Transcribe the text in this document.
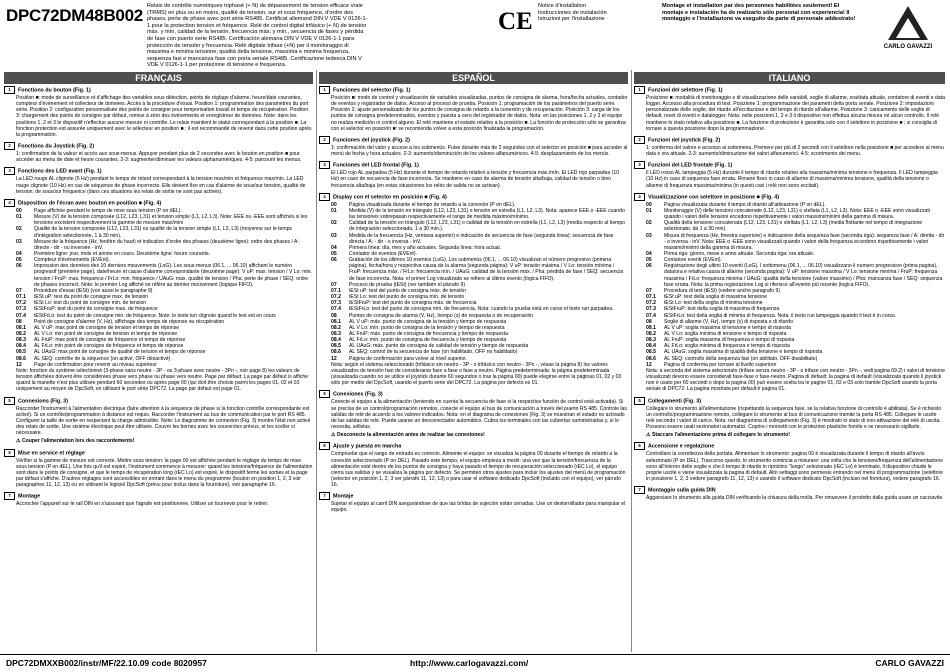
DPC72DM48B002 Relais de contrôle numériques triphasé (+ N) de dépassement de tension efficace vraie (TRMS) en plus ou en moins, qualité de tension, sur et sous fréquence, d'ordre des phases, perte de phase avec port série RS485. Certificat allemand DIN V VDE V 0126-1-1 pour la protection tension et fréquence. Relé de control digital trifásico (+ N) de tensión máx. y mín, calidad de la tensión, frecuencia máx. y mín., secuencia de fases y pérdida de fase con puerto serie RS485. Certificación alemana DIN V VDE V 0126-1-1 para protección de tensión y frecuencia. Relè digitale trifase (+N) per il monitoraggio di massima e minima tensione, qualità della tensione, massima e minima frequenza, sequenza fasi e mancanza fase con porta seriale RS485. Certificazione tedesca DIN V VDE V 0126-1-1 per protezione di tensione e frequenza.
CE
Notice d'installation
Instrucciones de instalación
Istruzioni per l'installazione
Montage et installation par des personnes habilitées seulement! El montaje e instalación ha de realizarlo sólo personal con experiencia! Il montaggio e l'installazione va eseguito da parte di personale addestrato!
CARLO GAVAZZI
FRANÇAIS	ESPAÑOL	ITALIANO
1 Fonctions du bouton (Fig. 1)
Position ■: mode de surveillance et d'affichage des variables sous détection, points de réglage d'alarme, heure/date courantes, compteur d'événement et collecteur de données. Accès à la procédure d'essai. Position 1: programmation des paramètres du port série. Position 2: configuration personnalisée des points de consigne pour temporisation travail et temps de récupération. Position 3: chargement des points de consigne par défaut, remise à zéro des événements et enregistreur de données. Note: dans les positions 1, 2 et 3 le dispositif n'effectue aucune mesure ni contrôle. Le relais maintient le statut correspondant à la position ■. La fonction protection est assurée uniquement avec le sélecteur en position ■ ; il est recommandé de revenir dans cette position après la programmation.
2 Fonctions du Joystick (Fig. 2)
1: confirmation de la valeur et accès aux sous-menus. Appuyer pendant plus de 2 secondes avec le bouton en position ■ pour accéder au menu de date et heure courantes. 2-3: augmenter/diminuer les valeurs alphanumériques. 4-5: parcourir les menus.
3 Fonctions des LED avant (Fig. 1)
La LED rouge AL clignote (5 Hz) pendant le temps de retard correspondant à la tension max/min et fréquence max/min. La LED rouge clignote (10 Hz) en cas de séquence de phase incorrecte. Elle devient fixe en cas d'alarme de sous/sur tension, qualité de tension, de sous/sur fréquence (dans ces situations les relais de sortie ne sont pas activés).
4 Disposition de l'écran avec bouton en position ■ (Fig. 4)
00	Page affichée pendant le temps de mise sous tension (P on dEL).
01	Mesure (V) de la tension composée (L12, L23, L31) et tension simple (L1, L2, L3). Note: EEE ou -EEE sont affichés si les tensions excèdent respectivement la gamme de mesure maxi/mini
02	Qualité de la tension composée (L12, L23, L31) ou qualité de la tension simple (L1, L2, L3) (moyenne sur le temps d'intégration sélectionnée, 1 à 30 min).
03	Mesure de la fréquence (Hz, fenêtre du haut) et indication d'ordre des phases (deuxième ligne): ordre des phases / A: directe - dir - ou inversée - inV.
04	Première ligne: jour, mois et année en cours. Deuxième ligne: heure courante.
05	Compteur d'événements (EVEnt).
06	Impression des données des 10 derniers mouvements (LoG). Les sous-menus (06.1, ... 06.10) affichent le numéro progressif (première page), date/heure et cause d'alarme correspondante (deuxième page): V uP: max. tension / V Lo: min. tension / FruP: max. fréquence / FrLo: min. fréquence / UAuG: max. qualité de tension / Pha: perte de phase / SEQ: ordre de phases incorrect. Note: le premier Log affiché se réfère au dernier mouvement (logique FIFO).
07	Procédure d'essai (tESt) (voir aussi le paragraphe 9)
07.1	tESt uP: test du point de consigne max. de tension
07.2	tESt Lo: test du point de consigne min. de tension
07.3	tEStFruP: test du point de consigne max. de fréquence
07.4	tEStFrLo: test du point de consigne min. de fréquence. Note: le texte tun clignote quand le test est en cours
08	Point de consigne d'alarme (V, Hz), affichage des temps de réponse ou récupération
08.1	AL V uP: max point de consigne de tension et temps de réponse
08.2	AL V Lo: min point de consigne de tension et temps de réponse
08.3	AL FruP: max point de consigne de fréquence et temps de réponse
08.4	AL FrLo: min point de consigne de fréquence et temps de réponse
08.5	AL UAuG: max point de consigne de qualité de tension et temps de réponse
08.6	AL SEQ: contrôle de la séquence (on activé, OFF désactivé)
12	Page de confirmation pour revenir au niveau supérieur
Note: fonction du système sélectionné (3-phase sans neutre - 3P - ou 3-phase avec neutre - 3Pn -, voir page 8) les valeurs de tension affichées doivent être considérées phase vers phase ou phase vers neutre. Page par défaut: La page par défaut is affiche quand la manette n'est plus utilisée pendant 60 secondes ou après page 00 (qui doit être choisie parmi les pages 01, 02 et 03 uniquement au moyen de DpcSoft, en utilisant le port série DPC72. La page par défaut est page 01.
5 Connexions (Fig. 3)
Raccorder l'instrument à l'alimentation électrique (faire attention à la séquence de phase si la fonction contrôle correspondante est activé). Si un contrôle/programmation à distance est requis, Raccorder l'instrument au bus de communication par le port RS 485. Configurer la taille de sortie en respectant la charge admissible. Note: Le diagramme de connexion (Fig. 3) montre l'état non activé des relais de sortie. Une sixième électrique peut être utilisée. Couvrir les bornes avec les couvercles prévus, et les sceller si nécessaire.
⚠ Couper l'alimentation lors des raccordements!
6 Mise en service et réglage
Vérifier si la gamme de mesure est correcte. Mettre sous tension: la page 00 est affichée pendant le réglage du temps de mise sous tension (P on dEL). Une fois qu'il est expiré, l'instrument commence à mesurer: quand les tensions/fréquence de l'alimentation sont dans le points de consigne, et que le temps de récupération long (rEC Lo) est expiré, le dispositif ferme les sorties et la page par défaut s'affiche. D'autres réglages sont accessibles en entrant dans le menu du programme (bouton en position 1, 2, 3 voir paragraphes 11, 12, 13) ou en utilisant le logiciel DpcSoft (prévu pour inclus dans la fourniture), voir paragraphe 16.
7 Montage
Accrocher l'appareil sur le rail DIN en s'assurant que l'agrafe est positionnée. Utiliser un tournevis pour le retirer.
1 Funciones del selector (Fig. 1)
Posición ■: modo de control y visualización de variables visualizadas, puntos de consigna de alarma, hora/fecha actuales, contador de eventos y registrador de datos. Acceso al proceso de prueba. Posición 1: programación de los parámetros del puerto serie. Posición 2: ajuste personalizado de los puntos de consigna de retardo a la conexión y de recuperación. Posición 3: carga de los puntos de consigna predeterminados, eventos y puesta a cero del registrador de datos. Nota: en las posiciones 1, 2 y 3 el equipo no realiza medición ni control alguno. El relé mantiene el estado relativo a la posición ■. La función de protección sólo se garantiza con el selector en posición ■: se recomienda volver a esta posición finalizada la programación.
2 Funciones del joystick (Fig. 2)
1: confirmación del valor y acceso a los submenús. Pulse durante más de 2 segundos con el selector en posición ■ para acceder al menú de fecha y hora actuales. 2-3: aumento/disminución de los valores alfanuméricos. 4-5: desplazamiento de los menús.
3 Funciones del LED frontal (Fig. 1)
El LED rojo AL parpadea (5 Hz) durante el tiempo de retardo relativo a tensión y frecuencia máx./mín. El LED rojo parpadea (10 Hz) en caso de secuencia de fase incorrecta. Se mantiene en caso de alarma de tensión alta/baja, calidad de tensión o bien frecuencia alta/baja (en estas situaciones los relés de salida no se activan).
4 Display con el selector en posición ■ (Fig. 4)
00	Página visualizada durante el tiempo de retardo a la conexión (P on dEL).
01	Medida (V) de la tensión en triángulo (L12, L23, L31) o tensión en estrella (L1, L2, L3). Nota: aparece EEE o -EEE cuando las tensiones sobrepasan respectivamente el rango de medida máximo/mínimo.
02	Calidad de la tensión en triángulo (L12, L23, L31) o calidad de la tensión en estrella (L1, L2, L3) (media respecto al tiempo de integración seleccionado, 1 a 30 min.).
03	Medida de la frecuencia (Hz, ventana superior) e indicación de secuencia de fase (segunda línea): secuencia de fase directa / A: - dir - o inversa - inV.
04	Primera línea: día, mes y año actuales. Segunda línea: hora actual.
05	Contador de eventos (EVEnt).
06	Grabación de los últimos 10 eventos (LoG). Los submenús (06.1, ... 06.10) visualizan el número progresivo (primera página), fecha/hora y respectiva causa de la alarma (segunda página): V uP: tensión máxima / V Lo: tensión mínima / FruP: frecuencia máx. / FrLo: frecuencia mín. / UAuG: calidad de la tensión máx. / Pha: pérdida de fase / SEQ: secuencia de fase incorrecta. Nota: el primer Log visualizado se refiere al último evento (lógica FIFO).
07	Proceso de prueba (tESt) (ver también el párrafo 9)
07.1	tESt uP: test del punto de consigna máx. de tensión
07.2	tESt Lo: test del punto de consigna mín. de tensión
07.3	tEStFruP: test del punto de consigna máx. de frecuencia
07.4	tEStFrLo: test del punto de consigna mín. de frecuencia. Nota: cuando la prueba está en curso el texto run parpadea.
08	Puntos de consigna de alarma (V, Hz), tiempo (s) de respuesta o de recuperación
08.1	AL V uP: máx. punto de consigna de la tensión y tiempo de respuesta
08.2	AL V Lo: mín. punto de consigna de la tensión y tiempo de respuesta
08.3	AL FruP: máx. punto de consigna de frecuencia y tiempo de respuesta
08.4	AL FrLo: mín. punto de consigna de frecuencia y tiempo de respuesta
08.5	AL UAuG: máx. punto de consigna de calidad de tensión y tiempo de respuesta
08.6	AL SEQ: control de la secuencia de fase (on habilitado, OFF no habilitado)
12	Página de confirmación para volver al nivel superior.
Nota: según el sistema seleccionado (trifásico sin neutro - 3P - o trifásico con neutro - 3Pn -, véase la página 8) los valores visualizados de tensión han de considerarse fase a fase o fase a neutro. Página predeterminada: la página predeterminada (visualizada cuando no se utilice el joystick durante 60 segundos o tras la página 00) puede elegirse entre la páginas 01, 02 y 03 sólo por medio del DpcSoft, usando el puerto serie del DPC72. La página por defecto es 01.
5 Conexiones (Fig. 3)
Conecte el equipo a la alimentación (teniendo en cuenta la secuencia de fase si la respectiva función de control está activada). Si se precisa de un control/programación remotos, conecte el equipo al bus de comunicación a través del puerto RS 485. Controle las salidas de relé de acuerdo a los valores indicados. Nota: en el diagrama de conexiones (Fig. 3) se muestran el estado no activado de las salidas de relé. Puede usarse un desconectador automático. Cubra los terminales con las cubiertas suministradas y, si lo necesita, séllelas.
⚠ Desconecte la alimentación antes de realizar las conexiones!
6 Ajuste y puesta en marcha
Compruebe que el rango de entrada es correcto. Alimente el equipo: se visualiza la página 00 durante el tiempo de retardo a la conexión seleccionado (P on DEL). Pasado este tiempo, el equipo empieza a medir: una vez que la tensión/frecuencia de la alimentación esté dentro de los puntos de consigna y haya pasado el tiempo de recuperación seleccionado (rEC Lo), el equipo cierra sus salidas y se visualiza la página por defecto. Se permiten otros ajustes para incluir los ajustes del menú de programación (selector en posición 1, 2, 3 ver párrafo 11, 12, 13) o para usar el software dedicado DpcSoft (incluido con el equipo), ver párrafo 16.
7 Montaje
Sujetar el equipo al carril DIN asegurándose de que las bridas de sujeción están cerradas. Use un destornillador para manipular el equipo.
1 Funzioni del selettore (Fig. 1)
Posizione ■: modalità di monitoraggio e di visualizzazione delle variabili, soglie di allarme, ora/data attuale, contatore di eventi e data logger. Accesso alla procedura di test. Posizione 1: programmazione dei parametri della porta seriale. Posizione 2: impostazioni personalizzate delle soglie, del ritardo all'eccitazione e del tempo di ritardo all'allarme. Posizione 3: caricamento delle soglie di default, reset di eventi e datalogger. Nota: nelle posizioni 1, 2 e 3 il dispositivo non effettua alcuna misura né alcun controllo. Il relè mantiene lo stato relativo alla posizione ■. La funzione di protezione è garantita solo con il selettore in posizione ■ ; si consiglia di tornare a questa posizione dopo la programmazione.
2 Funzioni del joystick (Fig. 2)
1: conferma del valore e accesso ai sottomenu. Premere per più di 2 secondi con il selettore nella posizione ■ per accedere al menu data e ora attuale. 2-3: aumento/diminuzione dei valori alfanumerici. 4-5: scorrimento dei menu.
3 Funzioni del LED frontale (Fig. 1)
Il LED rosso AL lampeggia (5 Hz) durante il tempo di ritardo relativo alla massima/minima tensione e frequenza. Il LED lampeggia (10 Hz) in caso di sequenza fase errata. Rimane fisso in caso di allarme di massima/minima tensione, qualità della tensione o allarme di frequenza massima/minima (in questi casi i relè non sono eccitati).
4 Visualizzazione con selettore in posizione ■ (Fig. 4)
00	Pagina visualizzata durante il tempo di ritardo all'attivazione (P on dEL).
01	Monitoraggio (V) delle tensioni concatenate (L12, L23, L31) o stellata (L1, L2, L3). Nota: EEE o -EEE sono visualizzati quando i valori delle tensioni eccedono rispettivamente i valori massimi/minimi della gamma di misura.
02	Qualità della tensione concatenata (L12, L23, L31) o stellata (L1, L2, L3) (media flottante nel tempo di integrazione selezionato, da 1 a 30 min).
03	Misura di frequenza (Hz, finestra superiore) e indicazione della sequenza fase (seconda riga): sequenza fase / A: diretta - dir - o inversa - inV. Nota: EEE o -EEE sono visualizzati quando i valori della frequenza eccedono rispettivamente i valori massimi/minimi della gamma di misura.
04	Prima riga: giorno, mese e anno attuale. Seconda riga: ora attuale.
05	Contatore eventi (EVEnt).
06	Registrazione degli ultimi 10 eventi (LoG). I sottomenu (06.1, ... 06.10) visualizzano il numero progressivo (prima pagina), data/ora e relativa causa di allarme (seconda pagina): V uP: tensione massima / V Lo: tensione minima / FruP: frequenza massima / FrLo: frequenza minima / UAuG: qualità della tensione (valore massimo) / Pha: mancanza fase / SEQ: sequenza fase errata. Nota: la prima registrazione Log si riferisce all'evento più recente (logica FIFO).
07	Procedura di test (tESt) (vedere anche paragrafo 9)
07.1	tESt uP: test della soglia di massima tensione
07.2	tESt Lo: test della soglia di minima tensione
07.3	tEStFruP: test della soglia di massima di frequenza
07.4	tEStFrLo: test della soglia di minima di frequenza. Nota: il testo run lampeggia quando il test è in corso.
08	Soglie di allarme (V, Hz), tempo (s) di risposta e di ritardo
08.1	AL V uP: soglia massima di tensione e tempo di risposta
08.2	AL V Lo: soglia minima di tensione e tempo di risposta
08.3	AL FruP: soglia massima di frequenza e tempo di risposta
08.4	AL FrLo: soglia minima di frequenza e tempo di risposta
08.5	AL UAuG: soglia massima di qualità della tensione e tempo di risposta
08.6	AL SEQ: controllo della sequenza fasi (on abilitato, OFF disabilitato)
12	Pagina di conferma per tornare al livello superiore
Nota: a seconda del sistema selezionato (trifase senza neutro - 3P - o trifase con neutro - 3Pn -, vedi pagina 09.2) i valori di tensione visualizzati devono essere considerati fase-fase o fase-neutro. Pagina di default: la pagina di default (visualizzata quando il joystick non è usato per 60 secondi o dopo la pagina 00) può essere scelta tra le pagine 01, 02 e 03 solo tramite DpcSoft usando la porta seriale di DPC72. La pagina mostrata per default è pagina 01.
5 Collegamenti (Fig. 3)
Collegare lo strumento all'alimentazione (rispettando la sequenza fase, se la relativa funzione di controllo è abilitata). Se è richiesto un controllo/programmazione remoto, collegare lo strumento al bus di comunicazione tramite la porta RS 485. Collegare le uscite relè secondo i valori di carico. Nota: nel diagramma di collegamento (Fig. 3) è mostrato lo stato di non-attivazione dei relè di uscita. Possono essere usati sezionatori automatici. Coprire i morsetti con le protezioni plastiche fornite e se necessario sigillarle.
⚠ Staccare l'alimentazione prima di collegare lo strumento!
6 Accensione e regolazione
Controllare la correttezza della portata. Alimentare lo strumento: pagina 00 è visualizzata durante il tempo di ritardo all'avvio selezionato (P on DEL). Trascorso questo, lo strumento comincia a misurare: una volta che la tensione/frequenza dell'alimentazione sono all'interno delle soglie e che il tempo di ritardo in ripristino "lungo" selezionato (rEC Lo) è terminato, il dispositivo chiude le proprie uscite e viene visualizzata la pagina di default. Altri settaggi sono permessi entrando nel menu di programmazione (selettore in posizione 1, 2, 3 vedere paragrafo 11, 12, 13) o usando il software dedicato DpcSoft (incluso nel fornitura), vedere paragrafo 16.
7 Montaggio sulla guida DIN
Agganciare lo strumento alla guida DIN verificando la chiusura della molla. Per rimuovere il prodotto dalla guida usare un cacciavite.
DPC72DMXXB002/instr/MF/22.10.09 code 8020957	http://www.carlogavazzi.com/	CARLO GAVAZZI
